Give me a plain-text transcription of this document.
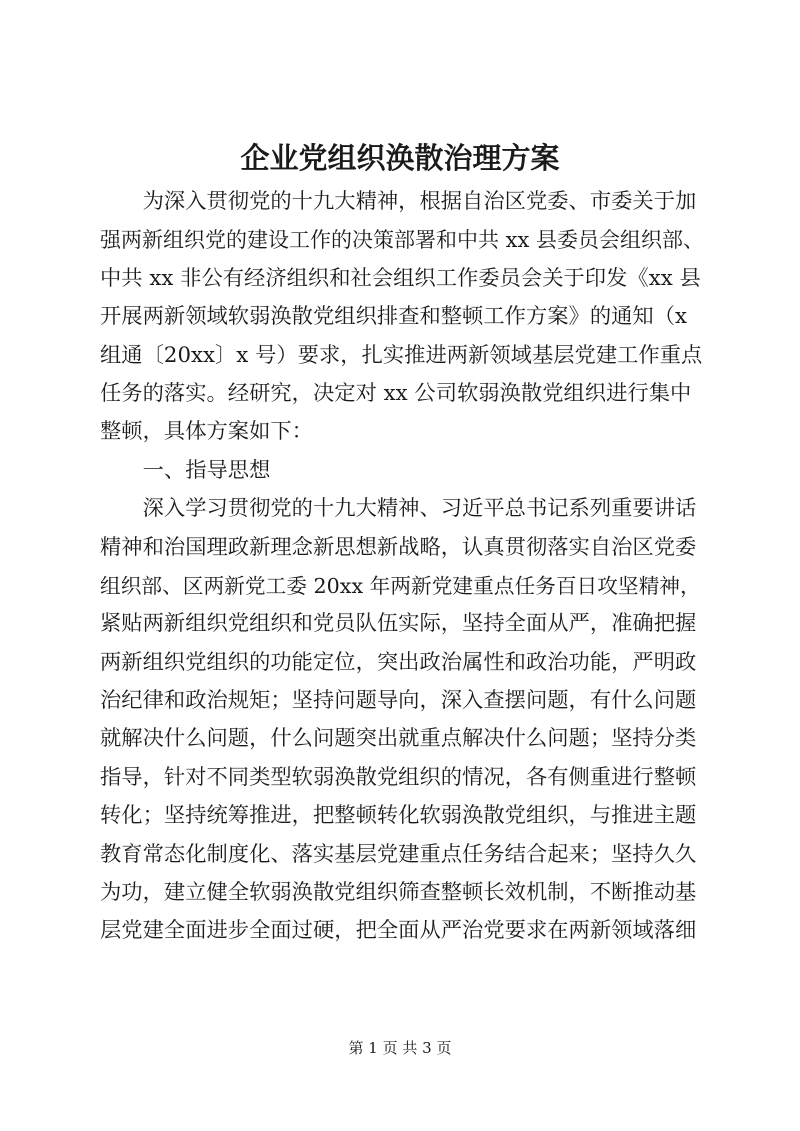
企业党组织涣散治理方案
　　为深入贯彻党的十九大精神，根据自治区党委、市委关于加
强两新组织党的建设工作的决策部署和中共 xx 县委员会组织部、
中共 xx 非公有经济组织和社会组织工作委员会关于印发《xx 县
开展两新领域软弱涣散党组织排查和整顿工作方案》的通知（x
组通〔20xx〕x 号）要求，扎实推进两新领域基层党建工作重点
任务的落实。经研究，决定对 xx 公司软弱涣散党组织进行集中
整顿，具体方案如下：
　　一、指导思想
　　深入学习贯彻党的十九大精神、习近平总书记系列重要讲话
精神和治国理政新理念新思想新战略，认真贯彻落实自治区党委
组织部、区两新党工委 20xx 年两新党建重点任务百日攻坚精神，
紧贴两新组织党组织和党员队伍实际，坚持全面从严，准确把握
两新组织党组织的功能定位，突出政治属性和政治功能，严明政
治纪律和政治规矩；坚持问题导向，深入查摆问题，有什么问题
就解决什么问题，什么问题突出就重点解决什么问题；坚持分类
指导，针对不同类型软弱涣散党组织的情况，各有侧重进行整顿
转化；坚持统筹推进，把整顿转化软弱涣散党组织，与推进主题
教育常态化制度化、落实基层党建重点任务结合起来；坚持久久
为功，建立健全软弱涣散党组织筛查整顿长效机制，不断推动基
层党建全面进步全面过硬，把全面从严治党要求在两新领域落细
第 1 页 共 3 页
